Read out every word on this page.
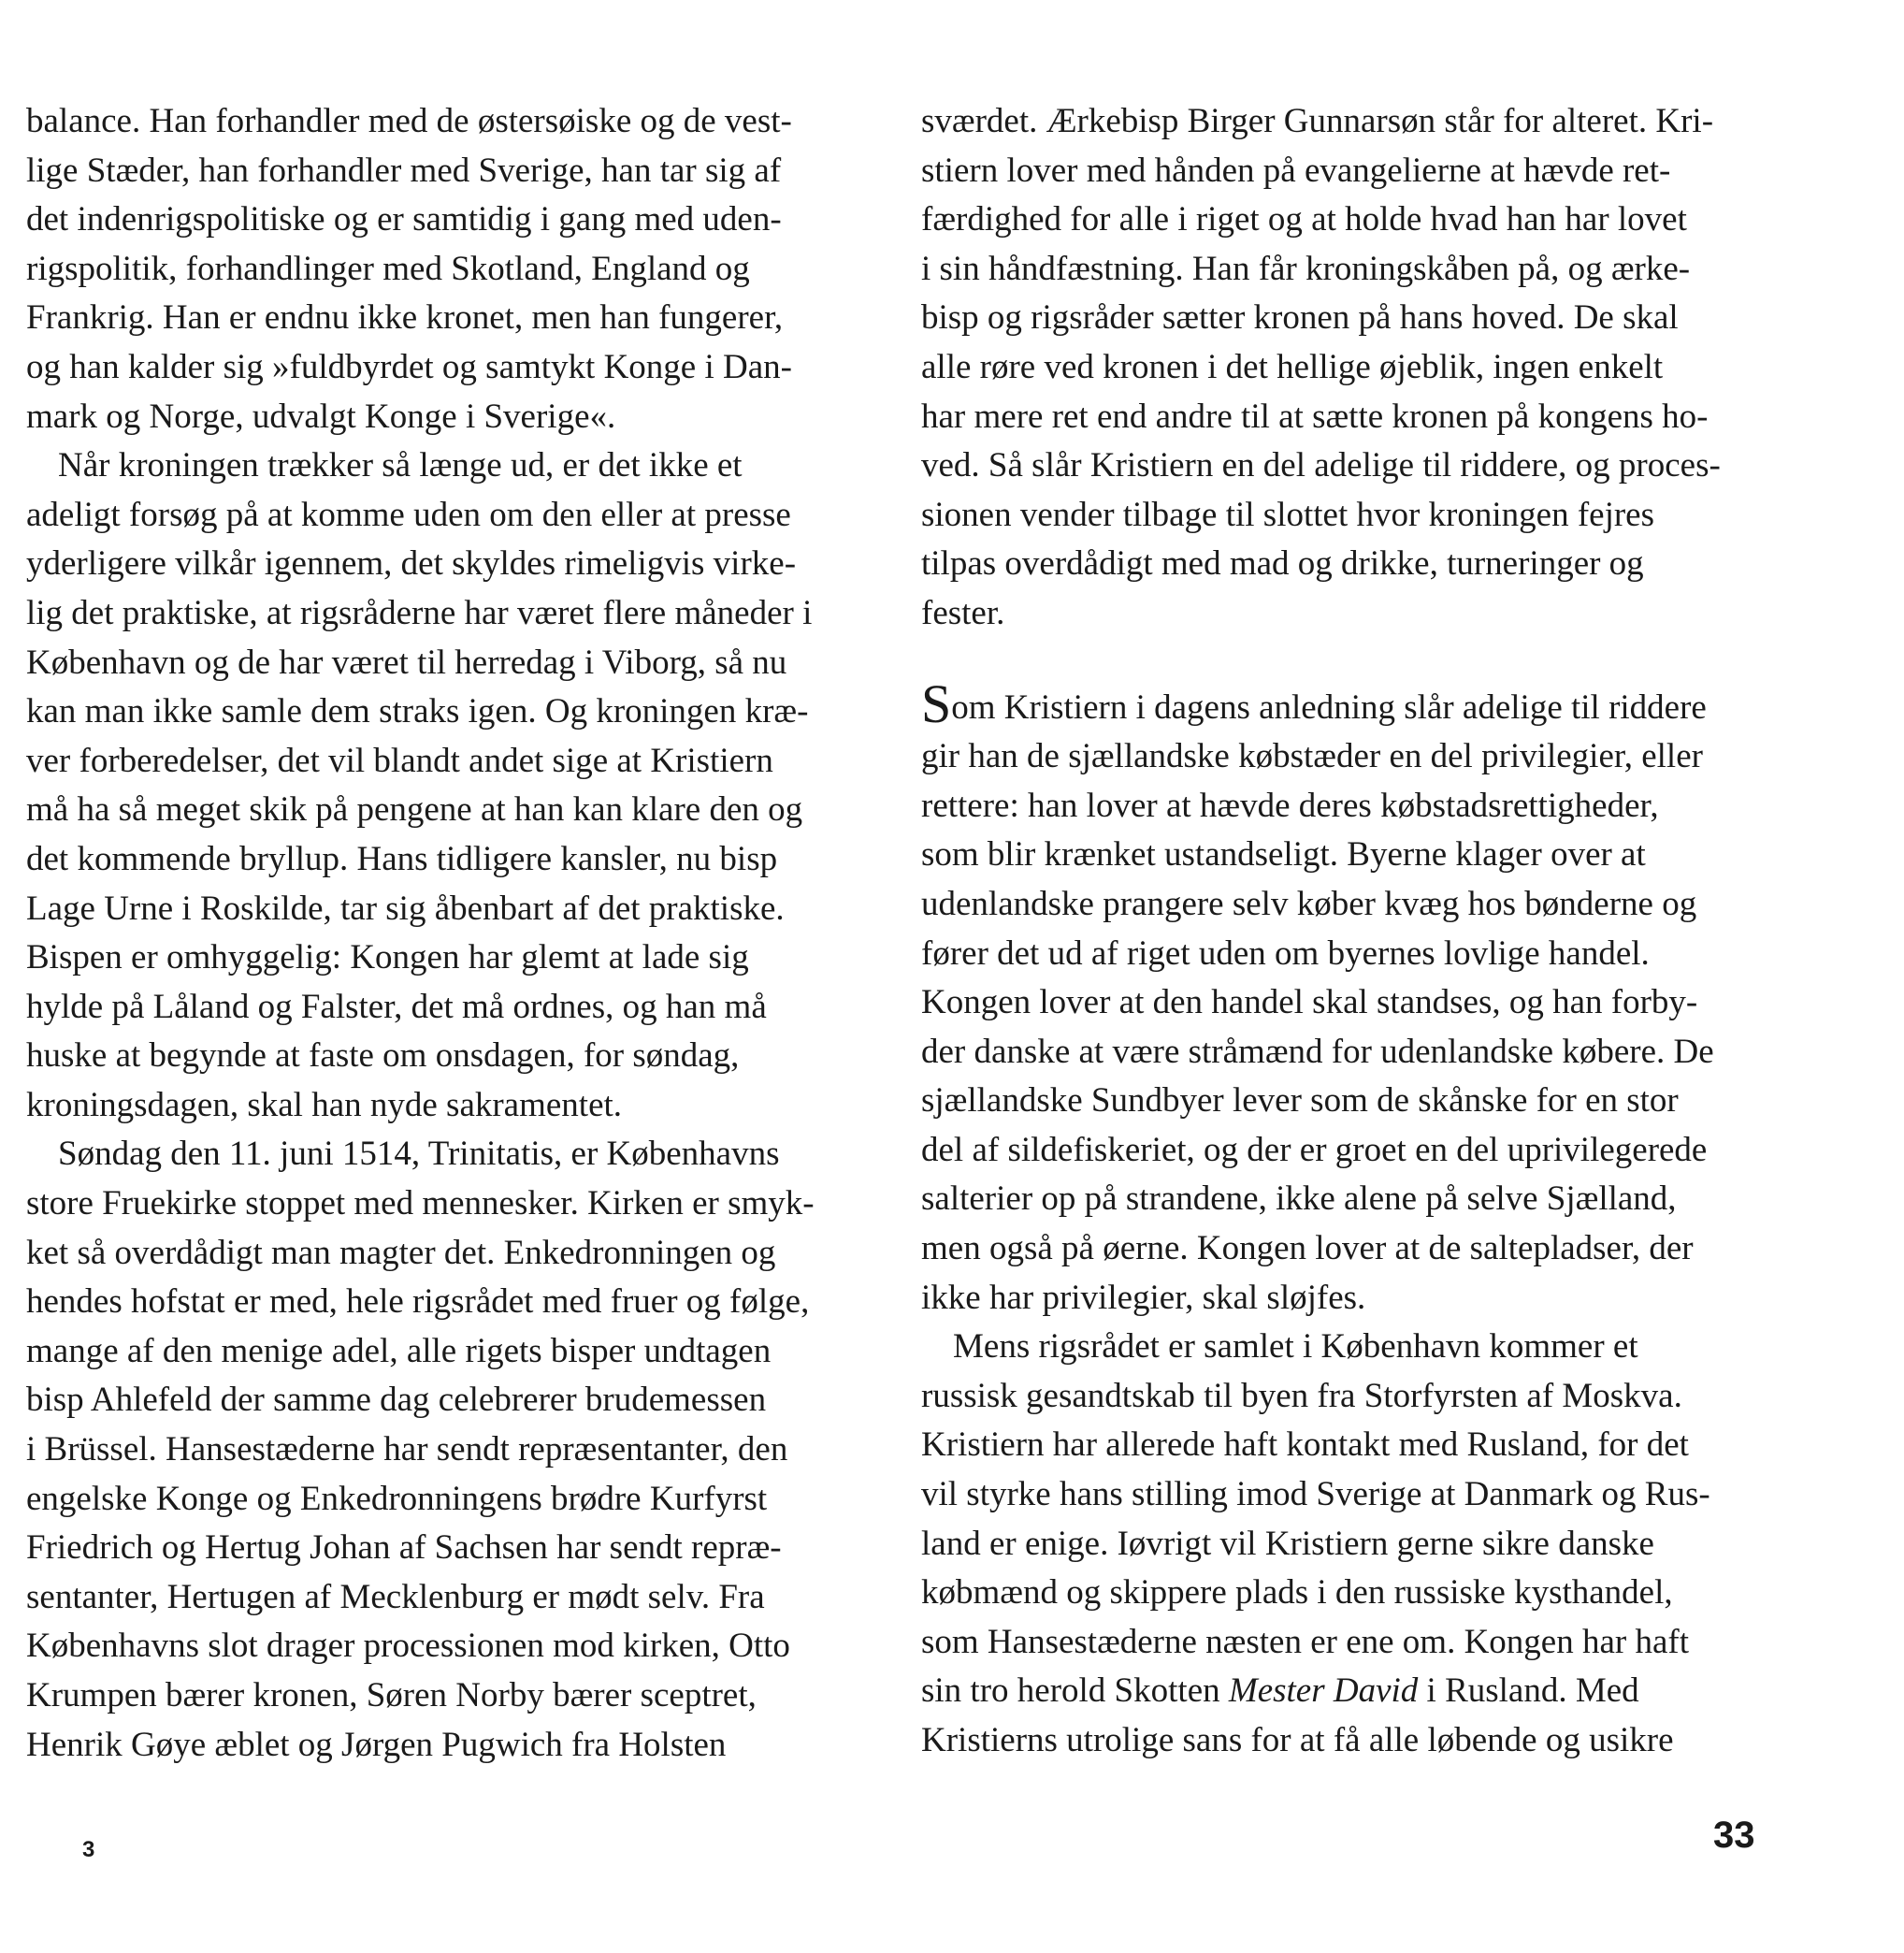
balance. Han forhandler med de østersøiske og de vest-
lige Stæder, han forhandler med Sverige, han tar sig af
det indenrigspolitiske og er samtidig i gang med uden-
rigspolitik, forhandlinger med Skotland, England og
Frankrig. Han er endnu ikke kronet, men han fungerer,
og han kalder sig »fuldbyrdet og samtykt Konge i Dan-
mark og Norge, udvalgt Konge i Sverige«.
Når kroningen trækker så længe ud, er det ikke et
adeligt forsøg på at komme uden om den eller at presse
yderligere vilkår igennem, det skyldes rimeligvis virke-
lig det praktiske, at rigsråderne har været flere måneder i
København og de har været til herredag i Viborg, så nu
kan man ikke samle dem straks igen. Og kroningen kræ-
ver forberedelser, det vil blandt andet sige at Kristiern
må ha så meget skik på pengene at han kan klare den og
det kommende bryllup. Hans tidligere kansler, nu bisp
Lage Urne i Roskilde, tar sig åbenbart af det praktiske.
Bispen er omhyggelig: Kongen har glemt at lade sig
hylde på Låland og Falster, det må ordnes, og han må
huske at begynde at faste om onsdagen, for søndag,
kroningsdagen, skal han nyde sakramentet.
Søndag den 11. juni 1514, Trinitatis, er Københavns
store Fruekirke stoppet med mennesker. Kirken er smyk-
ket så overdådigt man magter det. Enkedronningen og
hendes hofstat er med, hele rigsrådet med fruer og følge,
mange af den menige adel, alle rigets bisper undtagen
bisp Ahlefeld der samme dag celebrerer brudemessen
i Brüssel. Hansestæderne har sendt repræsentanter, den
engelske Konge og Enkedronningens brødre Kurfyrst
Friedrich og Hertug Johan af Sachsen har sendt repræ-
sentanter, Hertugen af Mecklenburg er mødt selv. Fra
Københavns slot drager processionen mod kirken, Otto
Krumpen bærer kronen, Søren Norby bærer sceptret,
Henrik Gøye æblet og Jørgen Pugwich fra Holsten
sværdet. Ærkebisp Birger Gunnarsøn står for alteret. Kri-
stiern lover med hånden på evangelierne at hævde ret-
færdighed for alle i riget og at holde hvad han har lovet
i sin håndfæstning. Han får kroningskåben på, og ærke-
bisp og rigsråder sætter kronen på hans hoved. De skal
alle røre ved kronen i det hellige øjeblik, ingen enkelt
har mere ret end andre til at sætte kronen på kongens ho-
ved. Så slår Kristiern en del adelige til riddere, og proces-
sionen vender tilbage til slottet hvor kroningen fejres
tilpas overdådigt med mad og drikke, turneringer og
fester.
Som Kristiern i dagens anledning slår adelige til riddere
gir han de sjællandske købstæder en del privilegier, eller
rettere: han lover at hævde deres købstadsrettigheder,
som blir krænket ustandseligt. Byerne klager over at
udenlandske prangere selv køber kvæg hos bønderne og
fører det ud af riget uden om byernes lovlige handel.
Kongen lover at den handel skal standses, og han forby-
der danske at være stråmænd for udenlandske købere. De
sjællandske Sundbyer lever som de skånske for en stor
del af sildefiskeriet, og der er groet en del uprivilegerede
salterier op på strandene, ikke alene på selve Sjælland,
men også på øerne. Kongen lover at de saltepladser, der
ikke har privilegier, skal sløjfes.
Mens rigsrådet er samlet i København kommer et
russisk gesandtskab til byen fra Storfyrsten af Moskva.
Kristiern har allerede haft kontakt med Rusland, for det
vil styrke hans stilling imod Sverige at Danmark og Rus-
land er enige. Iøvrigt vil Kristiern gerne sikre danske
købmænd og skippere plads i den russiske kysthandel,
som Hansestæderne næsten er ene om. Kongen har haft
sin tro herold Skotten Mester David i Rusland. Med
Kristierns utrolige sans for at få alle løbende og usikre
3	33
